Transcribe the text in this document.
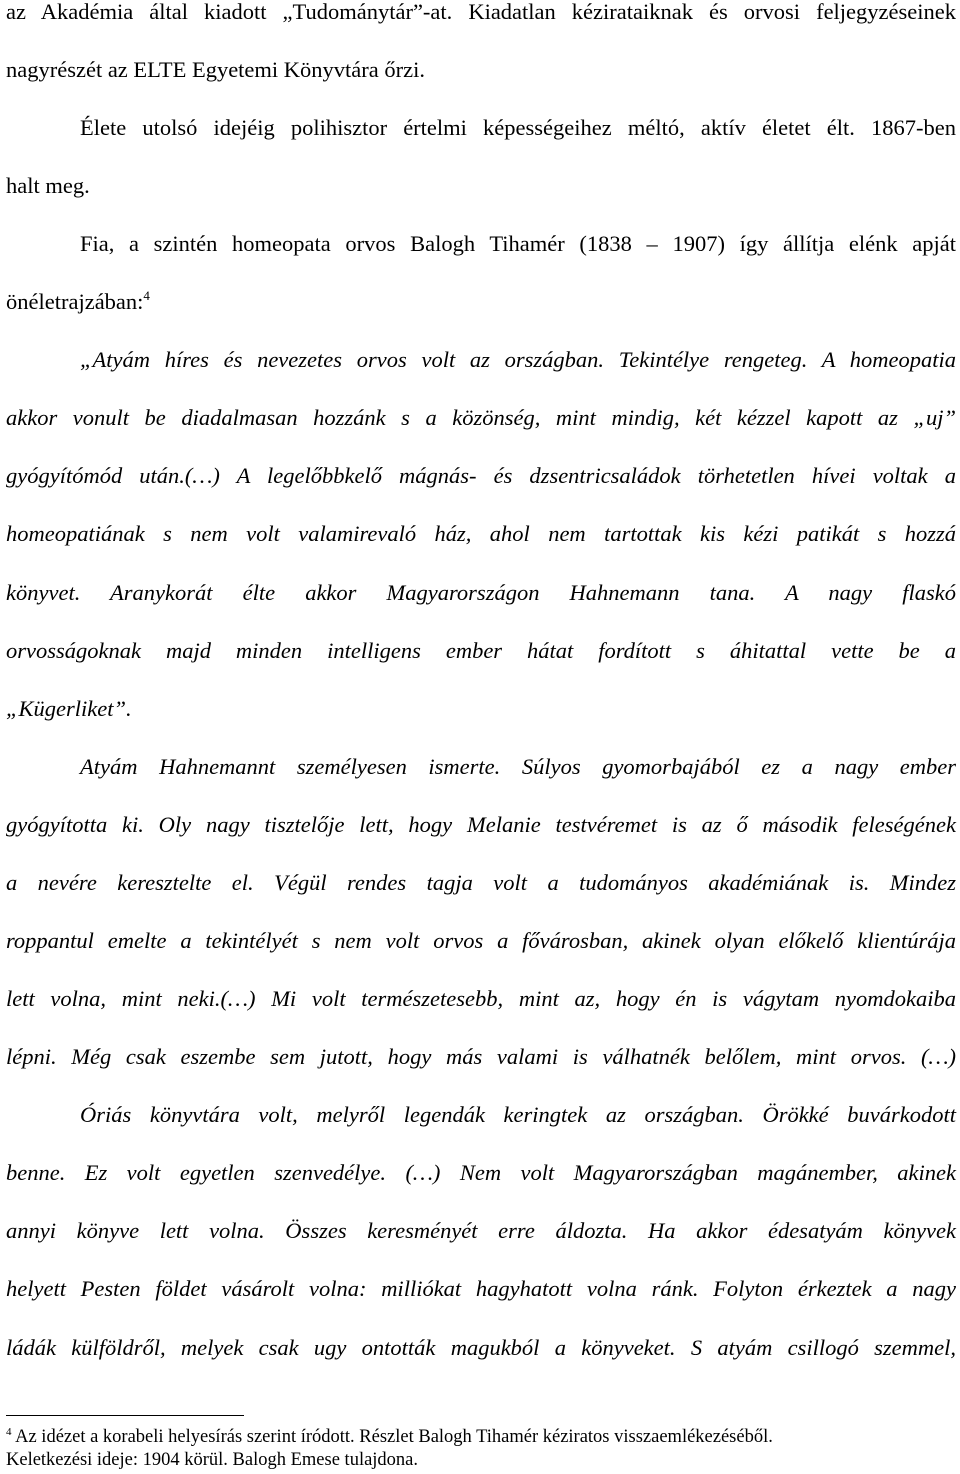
az Akadémia által kiadott „Tudománytár”-at. Kiadatlan kézirataiknak és orvosi feljegyzéseinek
nagyrészét az ELTE Egyetemi Könyvtára őrzi.
Élete utolsó idejéig polihisztor értelmi képességeihez méltó, aktív életet élt. 1867-ben
halt meg.
Fia, a szintén homeopata orvos Balogh Tihamér (1838 – 1907) így állítja elénk apját
önéletrajzában:$^4$
„Atyám híres és nevezetes orvos volt az országban. Tekintélye rengeteg. A homeopatia
akkor vonult be diadalmasan hozzánk s a közönség, mint mindig, két kézzel kapott az „uj”
gyógyítómód után.(…) A legelőbbkelő mágnás- és dzsentricsaládok törhetetlen hívei voltak a
homeopatiának s nem volt valamirevaló ház, ahol nem tartottak kis kézi patikát s hozzá
könyvet. Aranykorát élte akkor Magyarországon Hahnemann tana. A nagy flaskó
orvosságoknak majd minden intelligens ember hátat fordított s áhitattal vette be a
„Kügerliket”.
Atyám Hahnemannt személyesen ismerte. Súlyos gyomorbajából ez a nagy ember
gyógyította ki. Oly nagy tisztelője lett, hogy Melanie testvéremet is az ő második feleségének
a nevére keresztelte el. Végül rendes tagja volt a tudományos akadémiának is. Mindez
roppantul emelte a tekintélyét s nem volt orvos a fővárosban, akinek olyan előkelő klientúrája
lett volna, mint neki.(…) Mi volt természetesebb, mint az, hogy én is vágytam nyomdokaiba
lépni. Még csak eszembe sem jutott, hogy más valami is válhatnék belőlem, mint orvos. (…)
Óriás könyvtára volt, melyről legendák keringtek az országban. Örökké buvárkodott
benne. Ez volt egyetlen szenvedélye. (…) Nem volt Magyarországban magánember, akinek
annyi könyve lett volna. Összes keresményét erre áldozta. Ha akkor édesatyám könyvek
helyett Pesten földet vásárolt volna: milliókat hagyhatott volna ránk. Folyton érkeztek a nagy
ládák külföldről, melyek csak ugy ontották magukból a könyveket. S atyám csillogó szemmel,
$^4$ Az idézet a korabeli helyesírás szerint íródott. Részlet Balogh Tihamér kéziratos visszaemlékezéséből.
Keletkezési ideje: 1904 körül. Balogh Emese tulajdona.
